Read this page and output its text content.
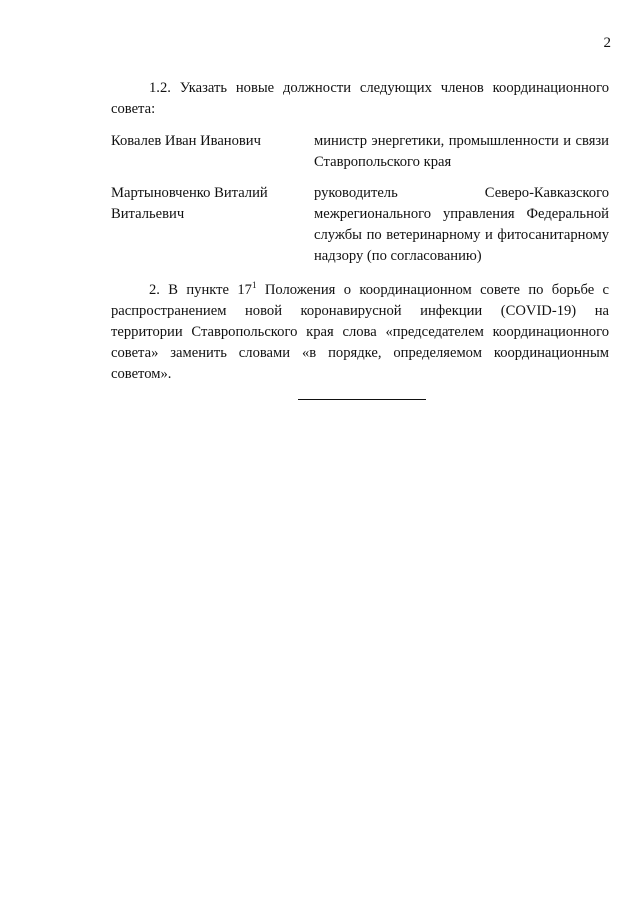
2

1.2. Указать новые должности следующих членов координационного совета:

Ковалев Иван Иванович	министр энергетики, промышленности и связи Ставропольского края
Мартыновченко Виталий Витальевич
руководитель Северо-Кавказского межрегионального управления Федеральной службы по ветеринарному и фитосанитарному надзору (по согласованию)

2. В пункте $17^1$ Положения о координационном совете по борьбе с распространением новой коронавирусной инфекции (COVID-19) на территории Ставропольского края слова «председателем координационного совета» заменить словами «в порядке, определяемом координационным советом».
